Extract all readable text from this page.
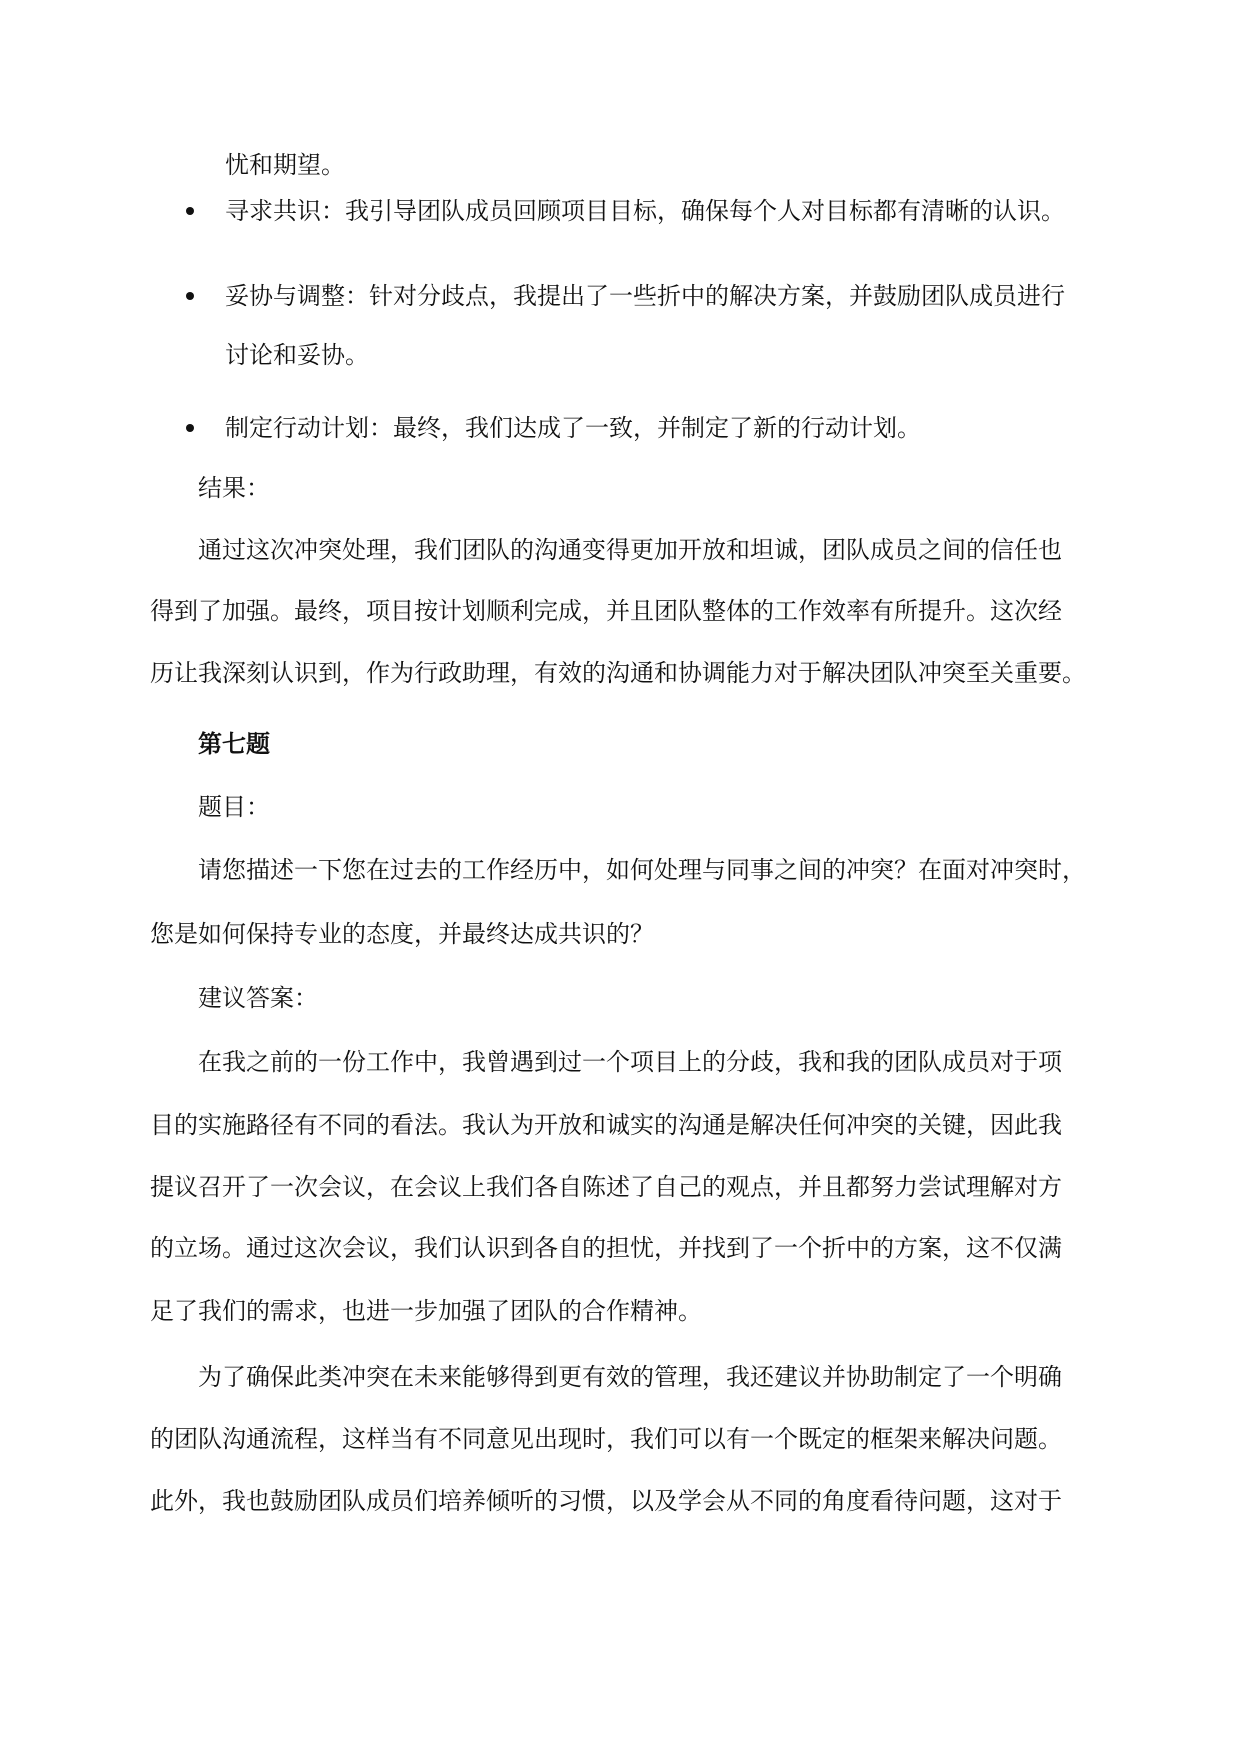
忧和期望。
寻求共识：我引导团队成员回顾项目目标，确保每个人对目标都有清晰的认识。
妥协与调整：针对分歧点，我提出了一些折中的解决方案，并鼓励团队成员进行
讨论和妥协。
制定行动计划：最终，我们达成了一致，并制定了新的行动计划。
结果：
通过这次冲突处理，我们团队的沟通变得更加开放和坦诚，团队成员之间的信任也
得到了加强。最终，项目按计划顺利完成，并且团队整体的工作效率有所提升。这次经
历让我深刻认识到，作为行政助理，有效的沟通和协调能力对于解决团队冲突至关重要。
第七题
题目：
请您描述一下您在过去的工作经历中，如何处理与同事之间的冲突？在面对冲突时，
您是如何保持专业的态度，并最终达成共识的？
建议答案：
在我之前的一份工作中，我曾遇到过一个项目上的分歧，我和我的团队成员对于项
目的实施路径有不同的看法。我认为开放和诚实的沟通是解决任何冲突的关键，因此我
提议召开了一次会议，在会议上我们各自陈述了自己的观点，并且都努力尝试理解对方
的立场。通过这次会议，我们认识到各自的担忧，并找到了一个折中的方案，这不仅满
足了我们的需求，也进一步加强了团队的合作精神。
为了确保此类冲突在未来能够得到更有效的管理，我还建议并协助制定了一个明确
的团队沟通流程，这样当有不同意见出现时，我们可以有一个既定的框架来解决问题。
此外，我也鼓励团队成员们培养倾听的习惯，以及学会从不同的角度看待问题，这对于
